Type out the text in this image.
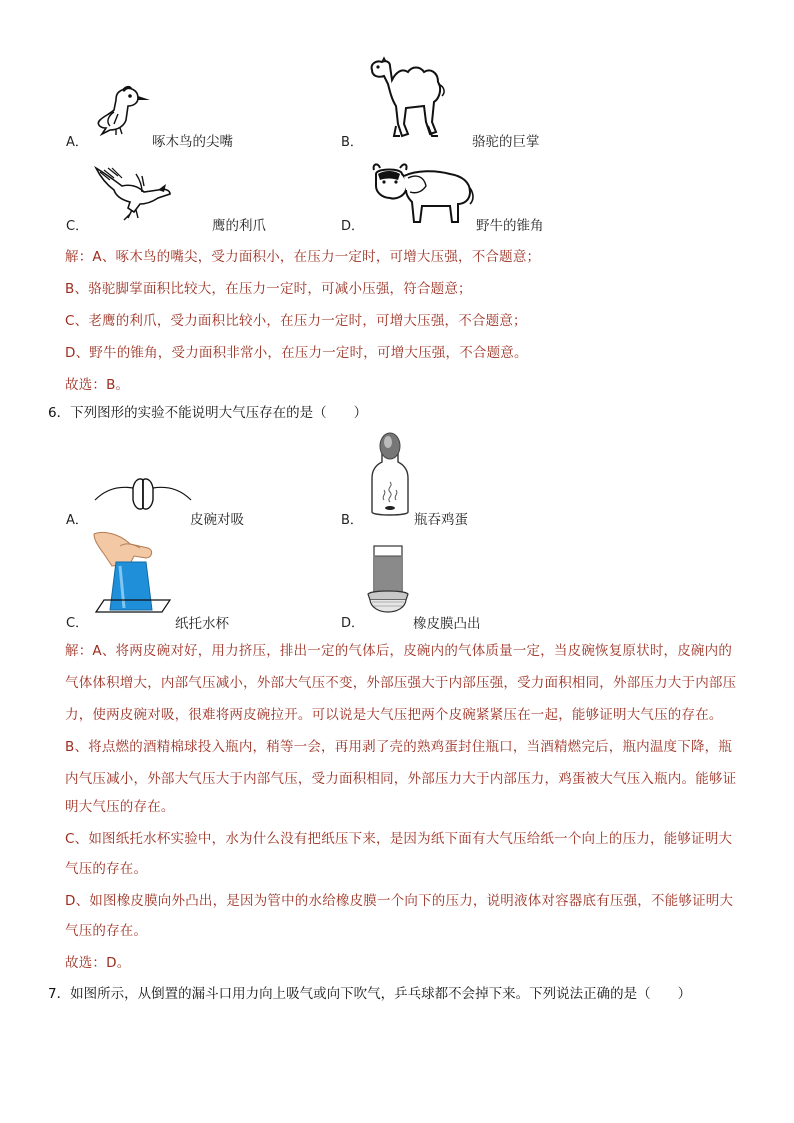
A．	啄木鸟的尖嘴	B．	骆驼的巨掌
C．	鹰的利爪	D．	野牛的锥角
解：A、啄木鸟的嘴尖，受力面积小，在压力一定时，可增大压强，不合题意；
B、骆驼脚掌面积比较大，在压力一定时，可减小压强，符合题意；
C、老鹰的利爪，受力面积比较小，在压力一定时，可增大压强，不合题意；
D、野牛的锥角，受力面积非常小，在压力一定时，可增大压强，不合题意。
故选：B。
6．下列图形的实验不能说明大气压存在的是（　　）
A．	皮碗对吸	B．	瓶吞鸡蛋
C．	纸托水杯	D．	橡皮膜凸出
解：A、将两皮碗对好，用力挤压，排出一定的气体后，皮碗内的气体质量一定，当皮碗恢复原状时，皮碗内的
气体体积增大，内部气压减小，外部大气压不变，外部压强大于内部压强，受力面积相同，外部压力大于内部压
力，使两皮碗对吸，很难将两皮碗拉开。可以说是大气压把两个皮碗紧紧压在一起，能够证明大气压的存在。
B、将点燃的酒精棉球投入瓶内，稍等一会，再用剥了壳的熟鸡蛋封住瓶口，当酒精燃完后，瓶内温度下降，瓶
内气压减小，外部大气压大于内部气压，受力面积相同，外部压力大于内部压力，鸡蛋被大气压入瓶内。能够证
明大气压的存在。
C、如图纸托水杯实验中，水为什么没有把纸压下来，是因为纸下面有大气压给纸一个向上的压力，能够证明大
气压的存在。
D、如图橡皮膜向外凸出，是因为管中的水给橡皮膜一个向下的压力，说明液体对容器底有压强，不能够证明大
气压的存在。
故选：D。
7．如图所示，从倒置的漏斗口用力向上吸气或向下吹气，乒乓球都不会掉下来。下列说法正确的是（　　）
